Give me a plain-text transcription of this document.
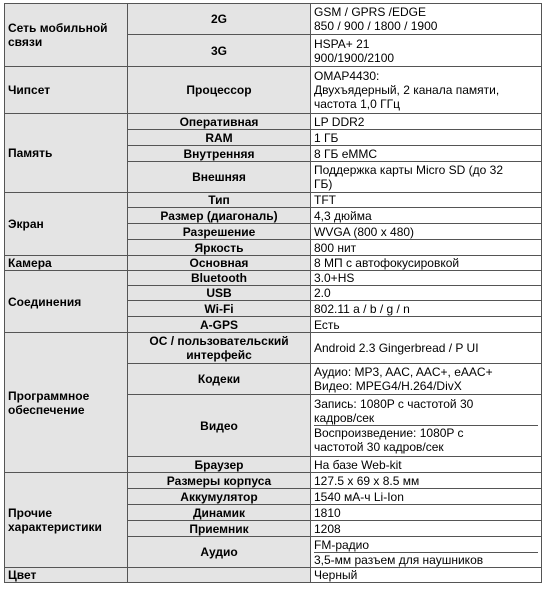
Сеть мобильной связи	2G	GSM / GPRS /EDGE
850 / 900 / 1800 / 1900

	3G	HSPA+ 21
900/1900/2100

Чипсет	Процессор	OMAP4430:
Двухъядерный, 2 канала памяти,
частота 1,0 ГГц

Память	Оперативная	LP DDR2
	RAM	1 ГБ
	Внутренняя	8 ГБ eMMC
	Внешняя	Поддержка карты Micro SD (до 32
ГБ)

Экран	Тип	TFT
	Размер (диагональ)	4,3 дюйма
	Разрешение	WVGA (800 x 480)
	Яркость	800 нит
Камера	Основная	8 МП с автофокусировкой
Соединения	Bluetooth	3.0+HS
	USB	2.0
	Wi-Fi	802.11 a / b / g / n
	A-GPS	Есть
Программное обеспечение	ОС / пользовательский интерфейс	Android 2.3 Gingerbread / P UI
	Кодеки	Аудио: MP3, AAC, AAC+, eAAC+
Видео: MPEG4/H.264/DivX

	Видео	Запись: 1080P с частотой 30
кадров/сек
Воспроизведение: 1080P с
частотой 30 кадров/сек

	Браузер	На базе Web-kit
Прочие характеристики	Размеры корпуса	127.5 x 69 x 8.5 мм
	Аккумулятор	1540 мА-ч Li-Ion
	Динамик	1810
	Приемник	1208
	Аудио	FM-радио
3,5-мм разъем для наушников

Цвет		Черный
